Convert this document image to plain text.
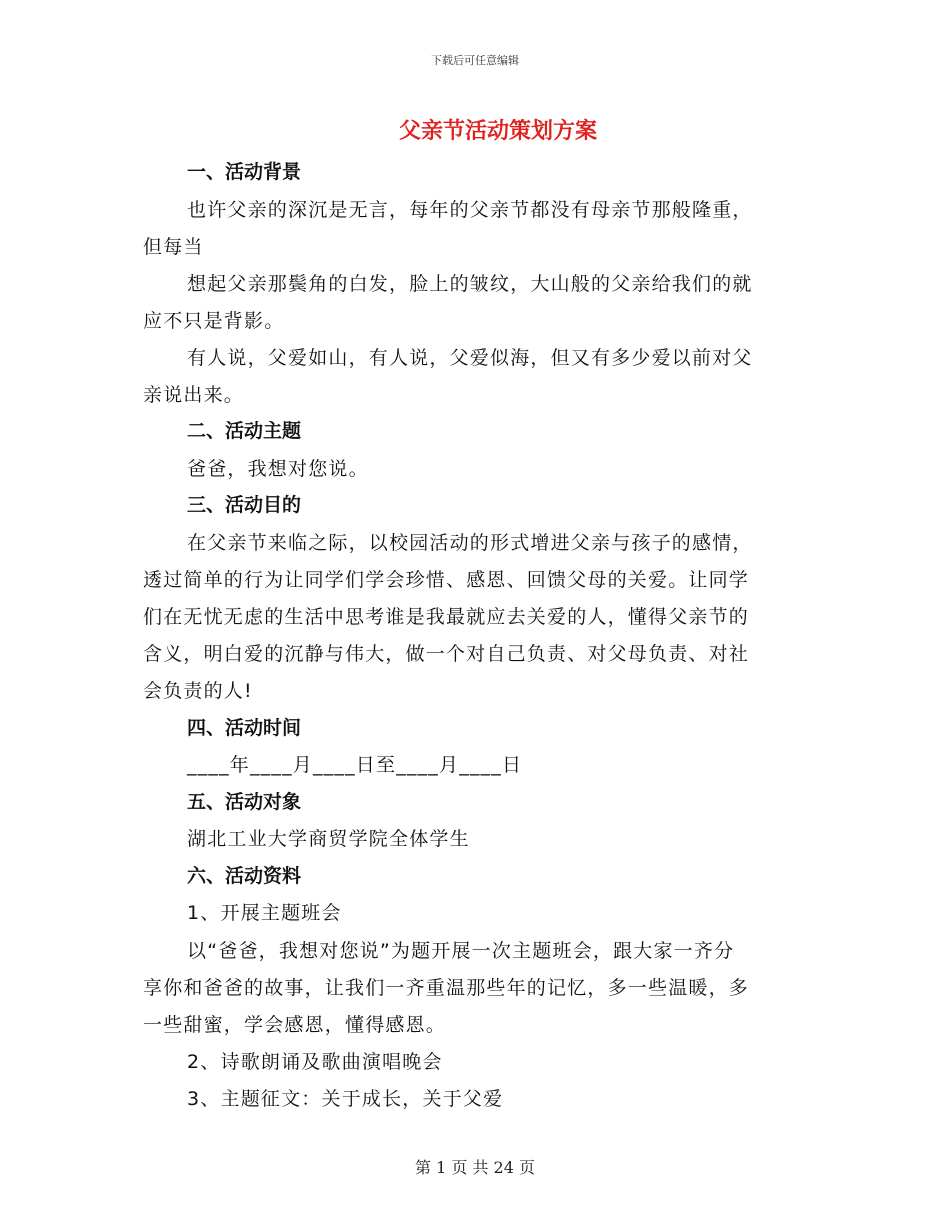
下载后可任意编辑
父亲节活动策划方案
一、活动背景
也许父亲的深沉是无言，每年的父亲节都没有母亲节那般隆重，
但每当
想起父亲那鬓角的白发，脸上的皱纹，大山般的父亲给我们的就
应不只是背影。
有人说，父爱如山，有人说，父爱似海，但又有多少爱以前对父
亲说出来。
二、活动主题
爸爸，我想对您说。
三、活动目的
在父亲节来临之际，以校园活动的形式增进父亲与孩子的感情，
透过简单的行为让同学们学会珍惜、感恩、回馈父母的关爱。让同学
们在无忧无虑的生活中思考谁是我最就应去关爱的人，懂得父亲节的
含义，明白爱的沉静与伟大，做一个对自己负责、对父母负责、对社
会负责的人!
四、活动时间
____年____月____日至____月____日
五、活动对象
湖北工业大学商贸学院全体学生
六、活动资料
1、开展主题班会
以“爸爸，我想对您说”为题开展一次主题班会，跟大家一齐分
享你和爸爸的故事，让我们一齐重温那些年的记忆，多一些温暖，多
一些甜蜜，学会感恩，懂得感恩。
2、诗歌朗诵及歌曲演唱晚会
3、主题征文：关于成长，关于父爱
第 1 页 共 24 页
